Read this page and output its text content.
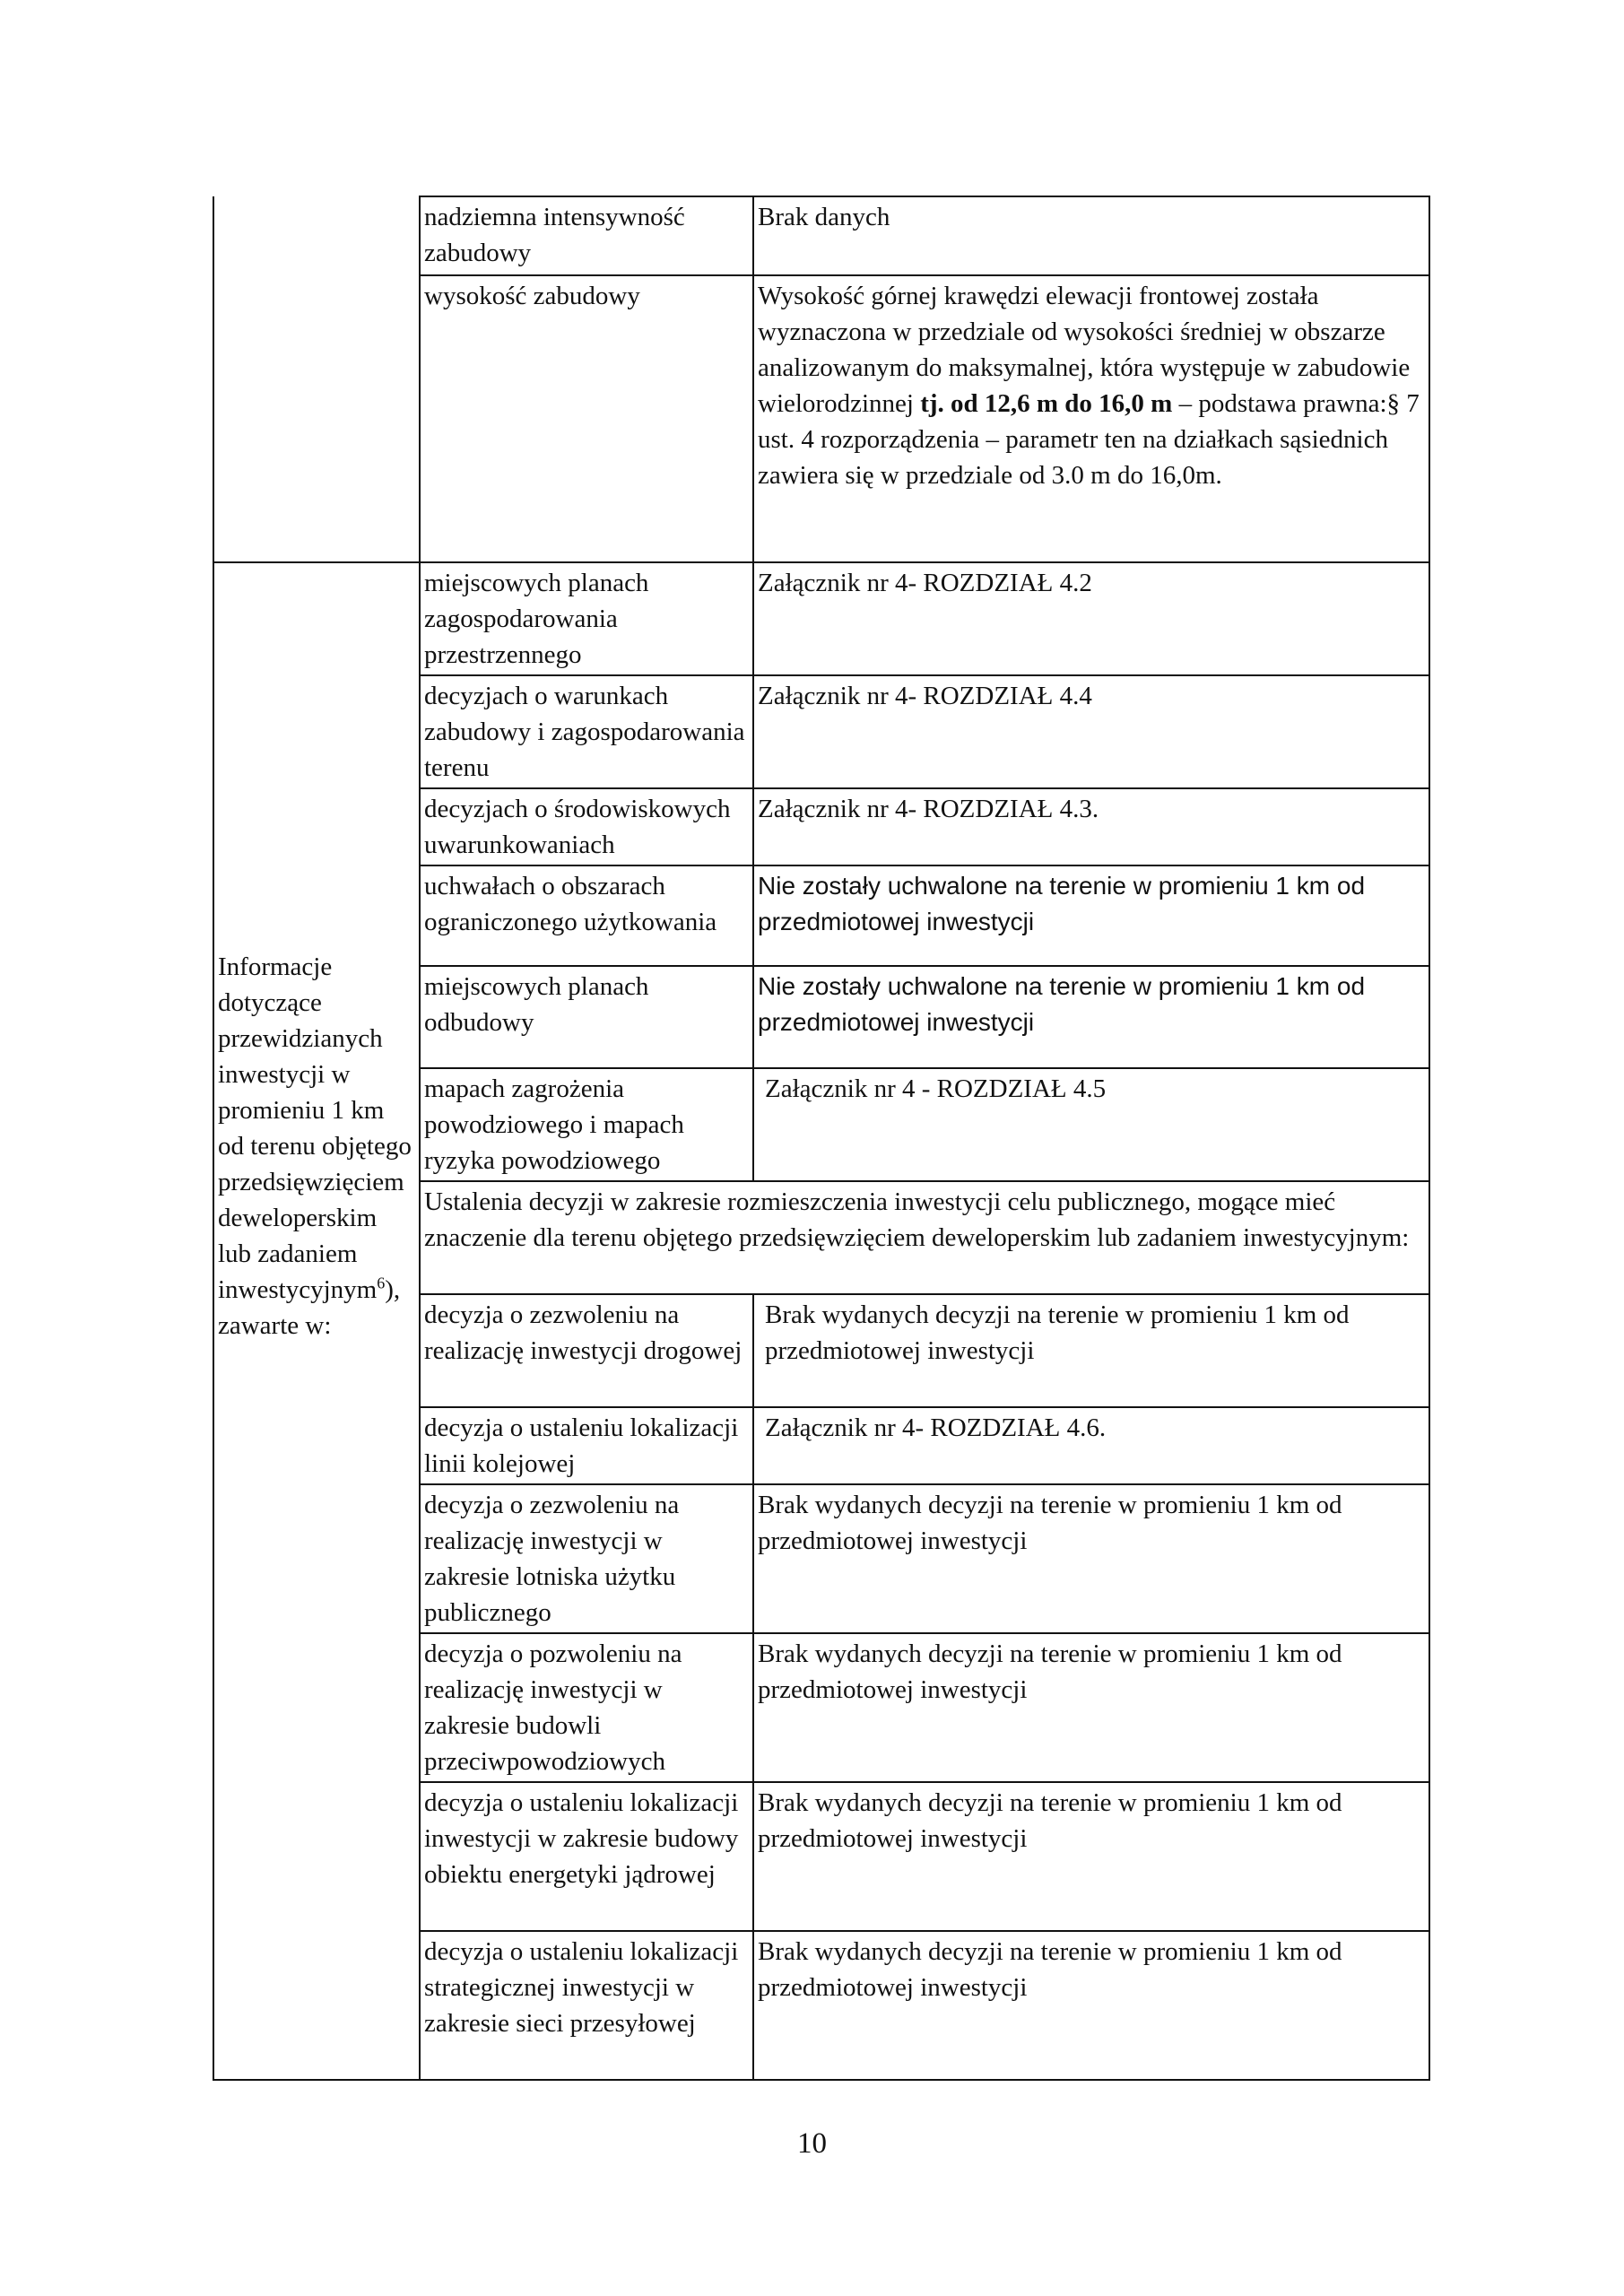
	nadziemna intensywność zabudowy	Brak danych
	wysokość zabudowy	Wysokość górnej krawędzi elewacji frontowej została wyznaczona w przedziale od wysokości średniej w obszarze analizowanym do maksymalnej, która występuje w zabudowie wielorodzinnej tj. od 12,6 m do 16,0 m – podstawa prawna:§ 7 ust. 4 rozporządzenia – parametr ten na działkach sąsiednich zawiera się w przedziale od 3.0 m do 16,0m.
Informacje dotyczące przewidzianych inwestycji w promieniu 1 km od terenu objętego przedsięwzięciem deweloperskim lub zadaniem inwestycyjnym$^6$), zawarte w:	miejscowych planach zagospodarowania przestrzennego	Załącznik nr 4- ROZDZIAŁ 4.2
	decyzjach o warunkach zabudowy i zagospodarowania terenu	Załącznik nr 4- ROZDZIAŁ 4.4
	decyzjach o środowiskowych uwarunkowaniach	Załącznik nr 4- ROZDZIAŁ 4.3.
	uchwałach o obszarach ograniczonego użytkowania	Nie zostały uchwalone na terenie w promieniu 1 km od przedmiotowej inwestycji
	miejscowych planach odbudowy	Nie zostały uchwalone na terenie w promieniu 1 km od przedmiotowej inwestycji
	mapach zagrożenia powodziowego i mapach ryzyka powodziowego	Załącznik nr 4 - ROZDZIAŁ 4.5
	Ustalenia decyzji w zakresie rozmieszczenia inwestycji celu publicznego, mogące mieć znaczenie dla terenu objętego przedsięwzięciem deweloperskim lub zadaniem inwestycyjnym:	
	decyzja o zezwoleniu na realizację inwestycji drogowej	Brak wydanych decyzji na terenie w promieniu 1 km od przedmiotowej inwestycji
	decyzja o ustaleniu lokalizacji linii kolejowej	Załącznik nr 4- ROZDZIAŁ 4.6.
	decyzja o zezwoleniu na realizację inwestycji w zakresie lotniska użytku publicznego	Brak wydanych decyzji na terenie w promieniu 1 km od przedmiotowej inwestycji
	decyzja o pozwoleniu na realizację inwestycji w zakresie budowli przeciwpowodziowych	Brak wydanych decyzji na terenie w promieniu 1 km od przedmiotowej inwestycji
	decyzja o ustaleniu lokalizacji inwestycji w zakresie budowy obiektu energetyki jądrowej	Brak wydanych decyzji na terenie w promieniu 1 km od przedmiotowej inwestycji
	decyzja o ustaleniu lokalizacji strategicznej inwestycji w zakresie sieci przesyłowej	Brak wydanych decyzji na terenie w promieniu 1 km od przedmiotowej inwestycji
10
